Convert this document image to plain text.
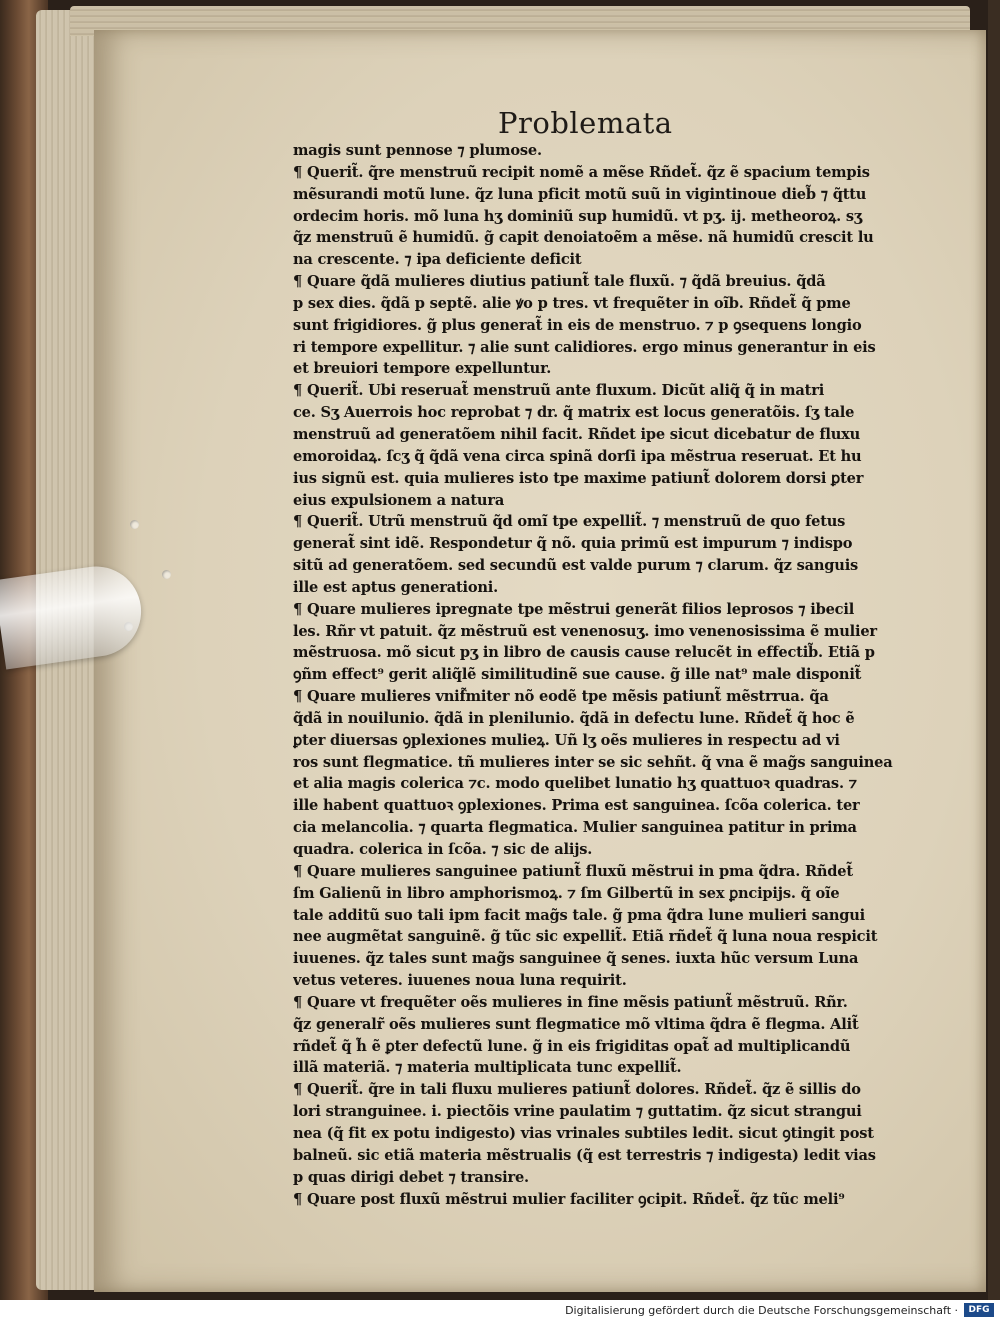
Problemata
magis sunt pennose ⁊ plumose.
¶ Querit̃. q̃re menstruũ recipit nomẽ a mẽse Rñdet̃. q̃z ẽ spacium tempis
mẽsurandi motũ lune. q̃z luna pficit motũ suũ in vigintinoue dieb̃ ⁊ q̃ttu
ordecim horis. mõ luna hʒ dominiũ sup humidũ. vt pʒ. ij. metheoroꝝ. sʒ
q̃z menstruũ ẽ humidũ. g̃ capit denoiatoẽm a mẽse. nã humidũ crescit lu
na crescente. ⁊ ipa deficiente deficit
¶ Quare q̃dã mulieres diutius patiunt̃ tale fluxũ. ⁊ q̃dã breuius. q̃dã
p sex dies. q̃dã p septẽ. alie ꝟo p tres. vt frequẽter in oĩb. Rñdet̃ q̃ pme
sunt frigidiores. g̃ plus generat̃ in eis de menstruo. ⁊ p ꝯsequens longio
ri tempore expellitur. ⁊ alie sunt calidiores. ergo minus generantur in eis
et breuiori tempore expelluntur.
¶ Querit̃. Ubi reseruat̃ menstruũ ante fluxum. Dicũt aliq̃ q̃ in matri
ce. Sʒ Auerrois hoc reprobat ⁊ dr. q̃ matrix est locus generatõis. ſʒ tale
menstruũ ad generatõem nihil facit. Rñdet ipe sicut dicebatur de fluxu
emoroidaꝝ. ſcʒ q̃ q̃dã vena circa spinã dorſi ipa mẽstrua reseruat. Et hu
ius signũ est. quia mulieres isto tpe maxime patiunt̃ dolorem dorsi ꝑter
eius expulsionem a natura
¶ Querit̃. Utrũ menstruũ q̃d omĩ tpe expellit̃. ⁊ menstruũ de quo fetus
generat̃ sint idẽ. Respondetur q̃ nõ. quia primũ est impurum ⁊ indispo
sitũ ad generatõem. sed secundũ est valde purum ⁊ clarum. q̃z sanguis
ille est aptus generationi.
¶ Quare mulieres ipregnate tpe mẽstrui generãt filios leprosos ⁊ ibecil
les. Rñr vt patuit. q̃z mẽstruũ est venenosuʒ. imo venenosissima ẽ mulier
mẽstruosa. mõ sicut pʒ in libro de causis cause relucẽt in effectib̃. Etiã p
ꝯñm effect⁹ gerit aliq̃lẽ similitudinẽ sue cause. g̃ ille nat⁹ male disponit̃
¶ Quare mulieres vnif̃miter nõ eodẽ tpe mẽsis patiunt̃ mẽstrrua. q̃a
q̃dã in nouilunio. q̃dã in plenilunio. q̃dã in defectu lune. Rñdet̃ q̃ hoc ẽ
ꝑter diuersas ꝯplexiones mulieꝝ. Uñ lʒ oẽs mulieres in respectu ad vi
ros sunt flegmatice. tñ mulieres inter se sic sehñt. q̃ vna ẽ mag̃s sanguinea
et alia magis colerica ⁊c. modo quelibet lunatio hʒ quattuoꝛ quadras. ⁊
ille habent quattuoꝛ ꝯplexiones. Prima est sanguinea. ſcõa colerica. ter
cia melancolia. ⁊ quarta flegmatica. Mulier sanguinea patitur in prima
quadra. colerica in ſcõa. ⁊ sic de alijs.
¶ Quare mulieres sanguinee patiunt̃ fluxũ mẽstrui in pma q̃dra. Rñdet̃
ſm Galienũ in libro amphorismoꝝ. ⁊ ſm Gilbertũ in sex ꝑncipijs. q̃ oĩe
tale additũ suo tali ipm facit mag̃s tale. g̃ pma q̃dra lune mulieri sangui
nee augmẽtat sanguinẽ. g̃ tũc sic expellit̃. Etiã rñdet̃ q̃ luna noua respicit
iuuenes. q̃z tales sunt mag̃s sanguinee q̃ senes. iuxta hũc versum Luna
vetus veteres. iuuenes noua luna requirit.
¶ Quare vt frequẽter oẽs mulieres in fine mẽsis patiunt̃ mẽstruũ. Rñr.
q̃z generalr̃ oẽs mulieres sunt flegmatice mõ vltima q̃dra ẽ flegma. Alit̃
rñdet̃ q̃ h̃ ẽ ꝑter defectũ lune. g̃ in eis frigiditas opat̃ ad multiplicandũ
illã materiã. ⁊ materia multiplicata tunc expellit̃.
¶ Querit̃. q̃re in tali fluxu mulieres patiunt̃ dolores. Rñdet̃. q̃z ẽ sillis do
lori stranguinee. i. piectõis vrine paulatim ⁊ guttatim. q̃z sicut strangui
nea (q̃ fit ex potu indigesto) vias vrinales subtiles ledit. sicut ꝯtingit post
balneũ. sic etiã materia mẽstrualis (q̃ est terrestris ⁊ indigesta) ledit vias
p quas dirigi debet ⁊ transire.
¶ Quare post fluxũ mẽstrui mulier faciliter ꝯcipit. Rñdet̃. q̃z tũc meli⁹
Digitalisierung gefördert durch die Deutsche Forschungsgemeinschaft ·	DFG
